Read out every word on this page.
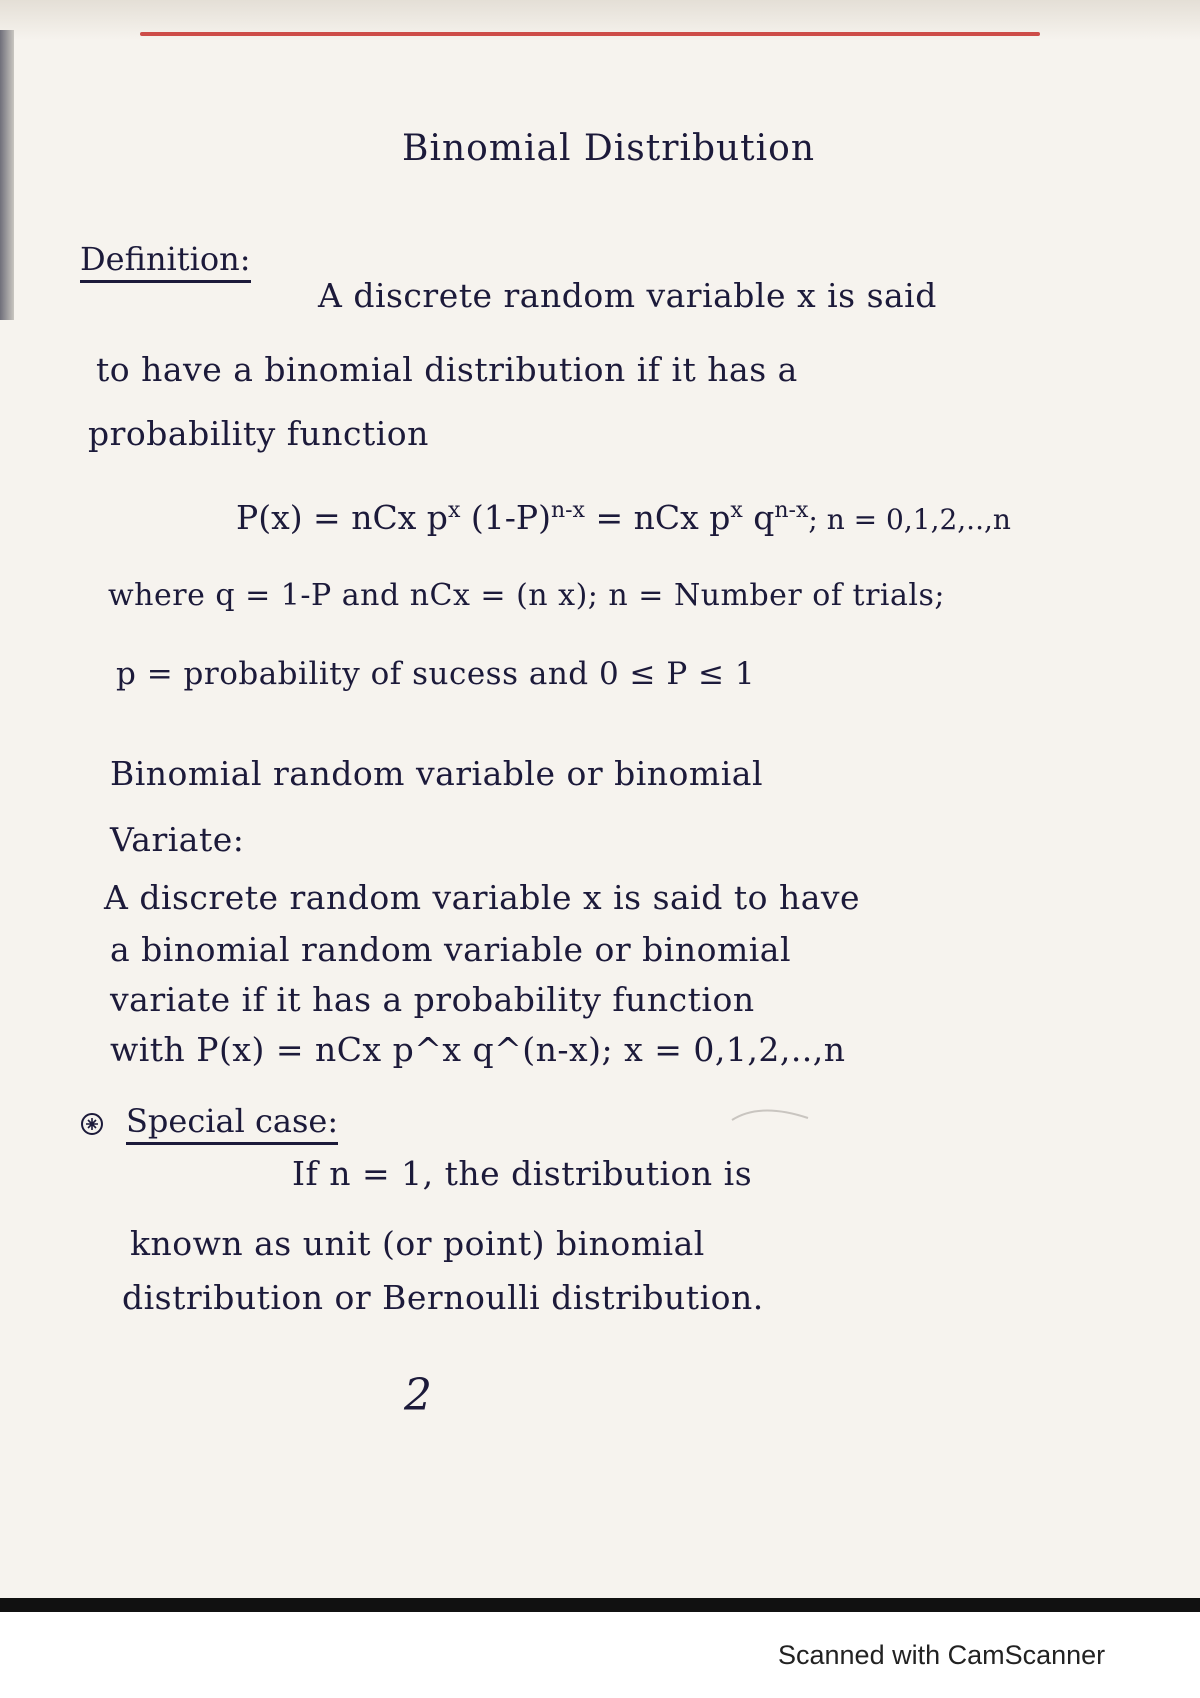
Binomial Distribution
Definition:
A discrete random variable x is said
to have a binomial distribution if it has a
probability function
P(x) = nCx $p^x$ $(1-P)^{n-x}$ = nCx $p^x$ $q^{n-x}$; n = 0,1,2,..,n
where q = 1-P and nCx = (n x); n = Number of trials;
p = probability of sucess and 0 ≤ P ≤ 1
Binomial random variable or binomial
Variate:
A discrete random variable x is said to have
a binomial random variable or binomial
variate if it has a probability function
with P(x) = nCx p^x q^(n-x); x = 0,1,2,..,n
Special case:
If n = 1, the distribution is
known as unit (or point) binomial
distribution or Bernoulli distribution.
2
Scanned with CamScanner
